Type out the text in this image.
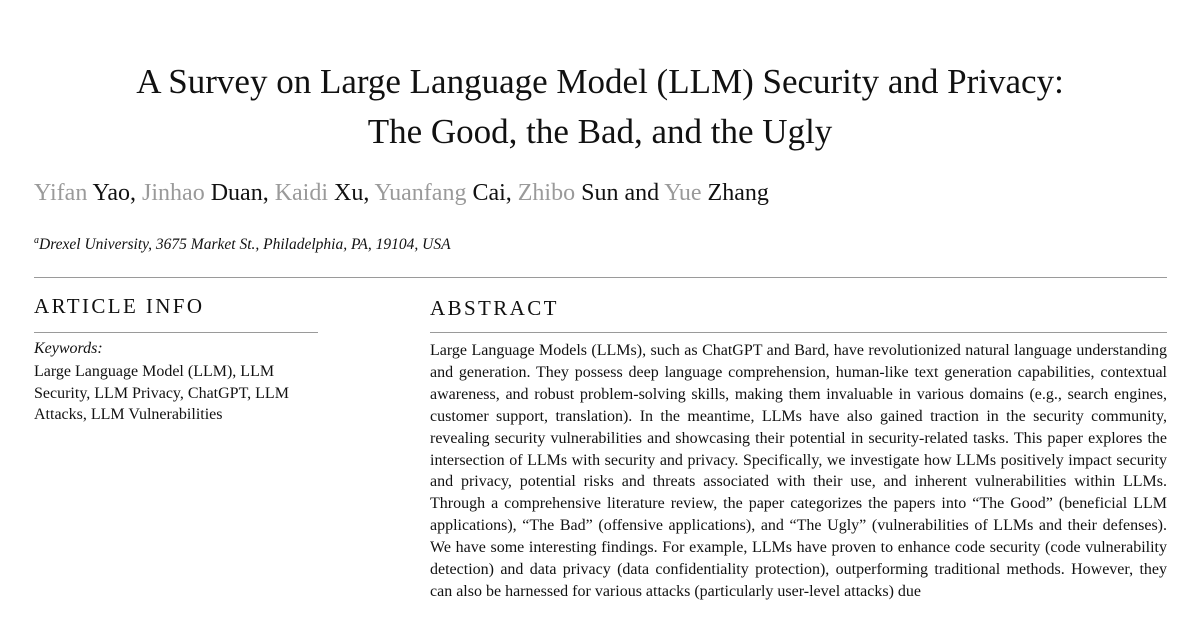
A Survey on Large Language Model (LLM) Security and Privacy:
The Good, the Bad, and the Ugly
Yifan Yao, Jinhao Duan, Kaidi Xu, Yuanfang Cai, Zhibo Sun and Yue Zhang
$^a$Drexel University, 3675 Market St., Philadelphia, PA, 19104, USA
ARTICLE INFO
Keywords:
Large Language Model (LLM), LLM Security, LLM Privacy, ChatGPT, LLM Attacks, LLM Vulnerabilities
ABSTRACT

Large Language Models (LLMs), such as ChatGPT and Bard, have revolutionized natural language understanding and generation. They possess deep language comprehension, human-like text generation capabilities, contextual awareness, and robust problem-solving skills, making them invaluable in various domains (e.g., search engines, customer support, translation). In the meantime, LLMs have also gained traction in the security community, revealing security vulnerabilities and showcasing their potential in security-related tasks. This paper explores the intersection of LLMs with security and privacy. Specifically, we investigate how LLMs positively impact security and privacy, potential risks and threats associated with their use, and inherent vulnerabilities within LLMs. Through a comprehensive literature review, the paper categorizes the papers into “The Good” (beneficial LLM applications), “The Bad” (offensive applications), and “The Ugly” (vulnerabilities of LLMs and their defenses). We have some interesting findings. For example, LLMs have proven to enhance code security (code vulnerability detection) and data privacy (data confidentiality protection), outperforming traditional methods. However, they can also be harnessed for various attacks (particularly user-level attacks) due
